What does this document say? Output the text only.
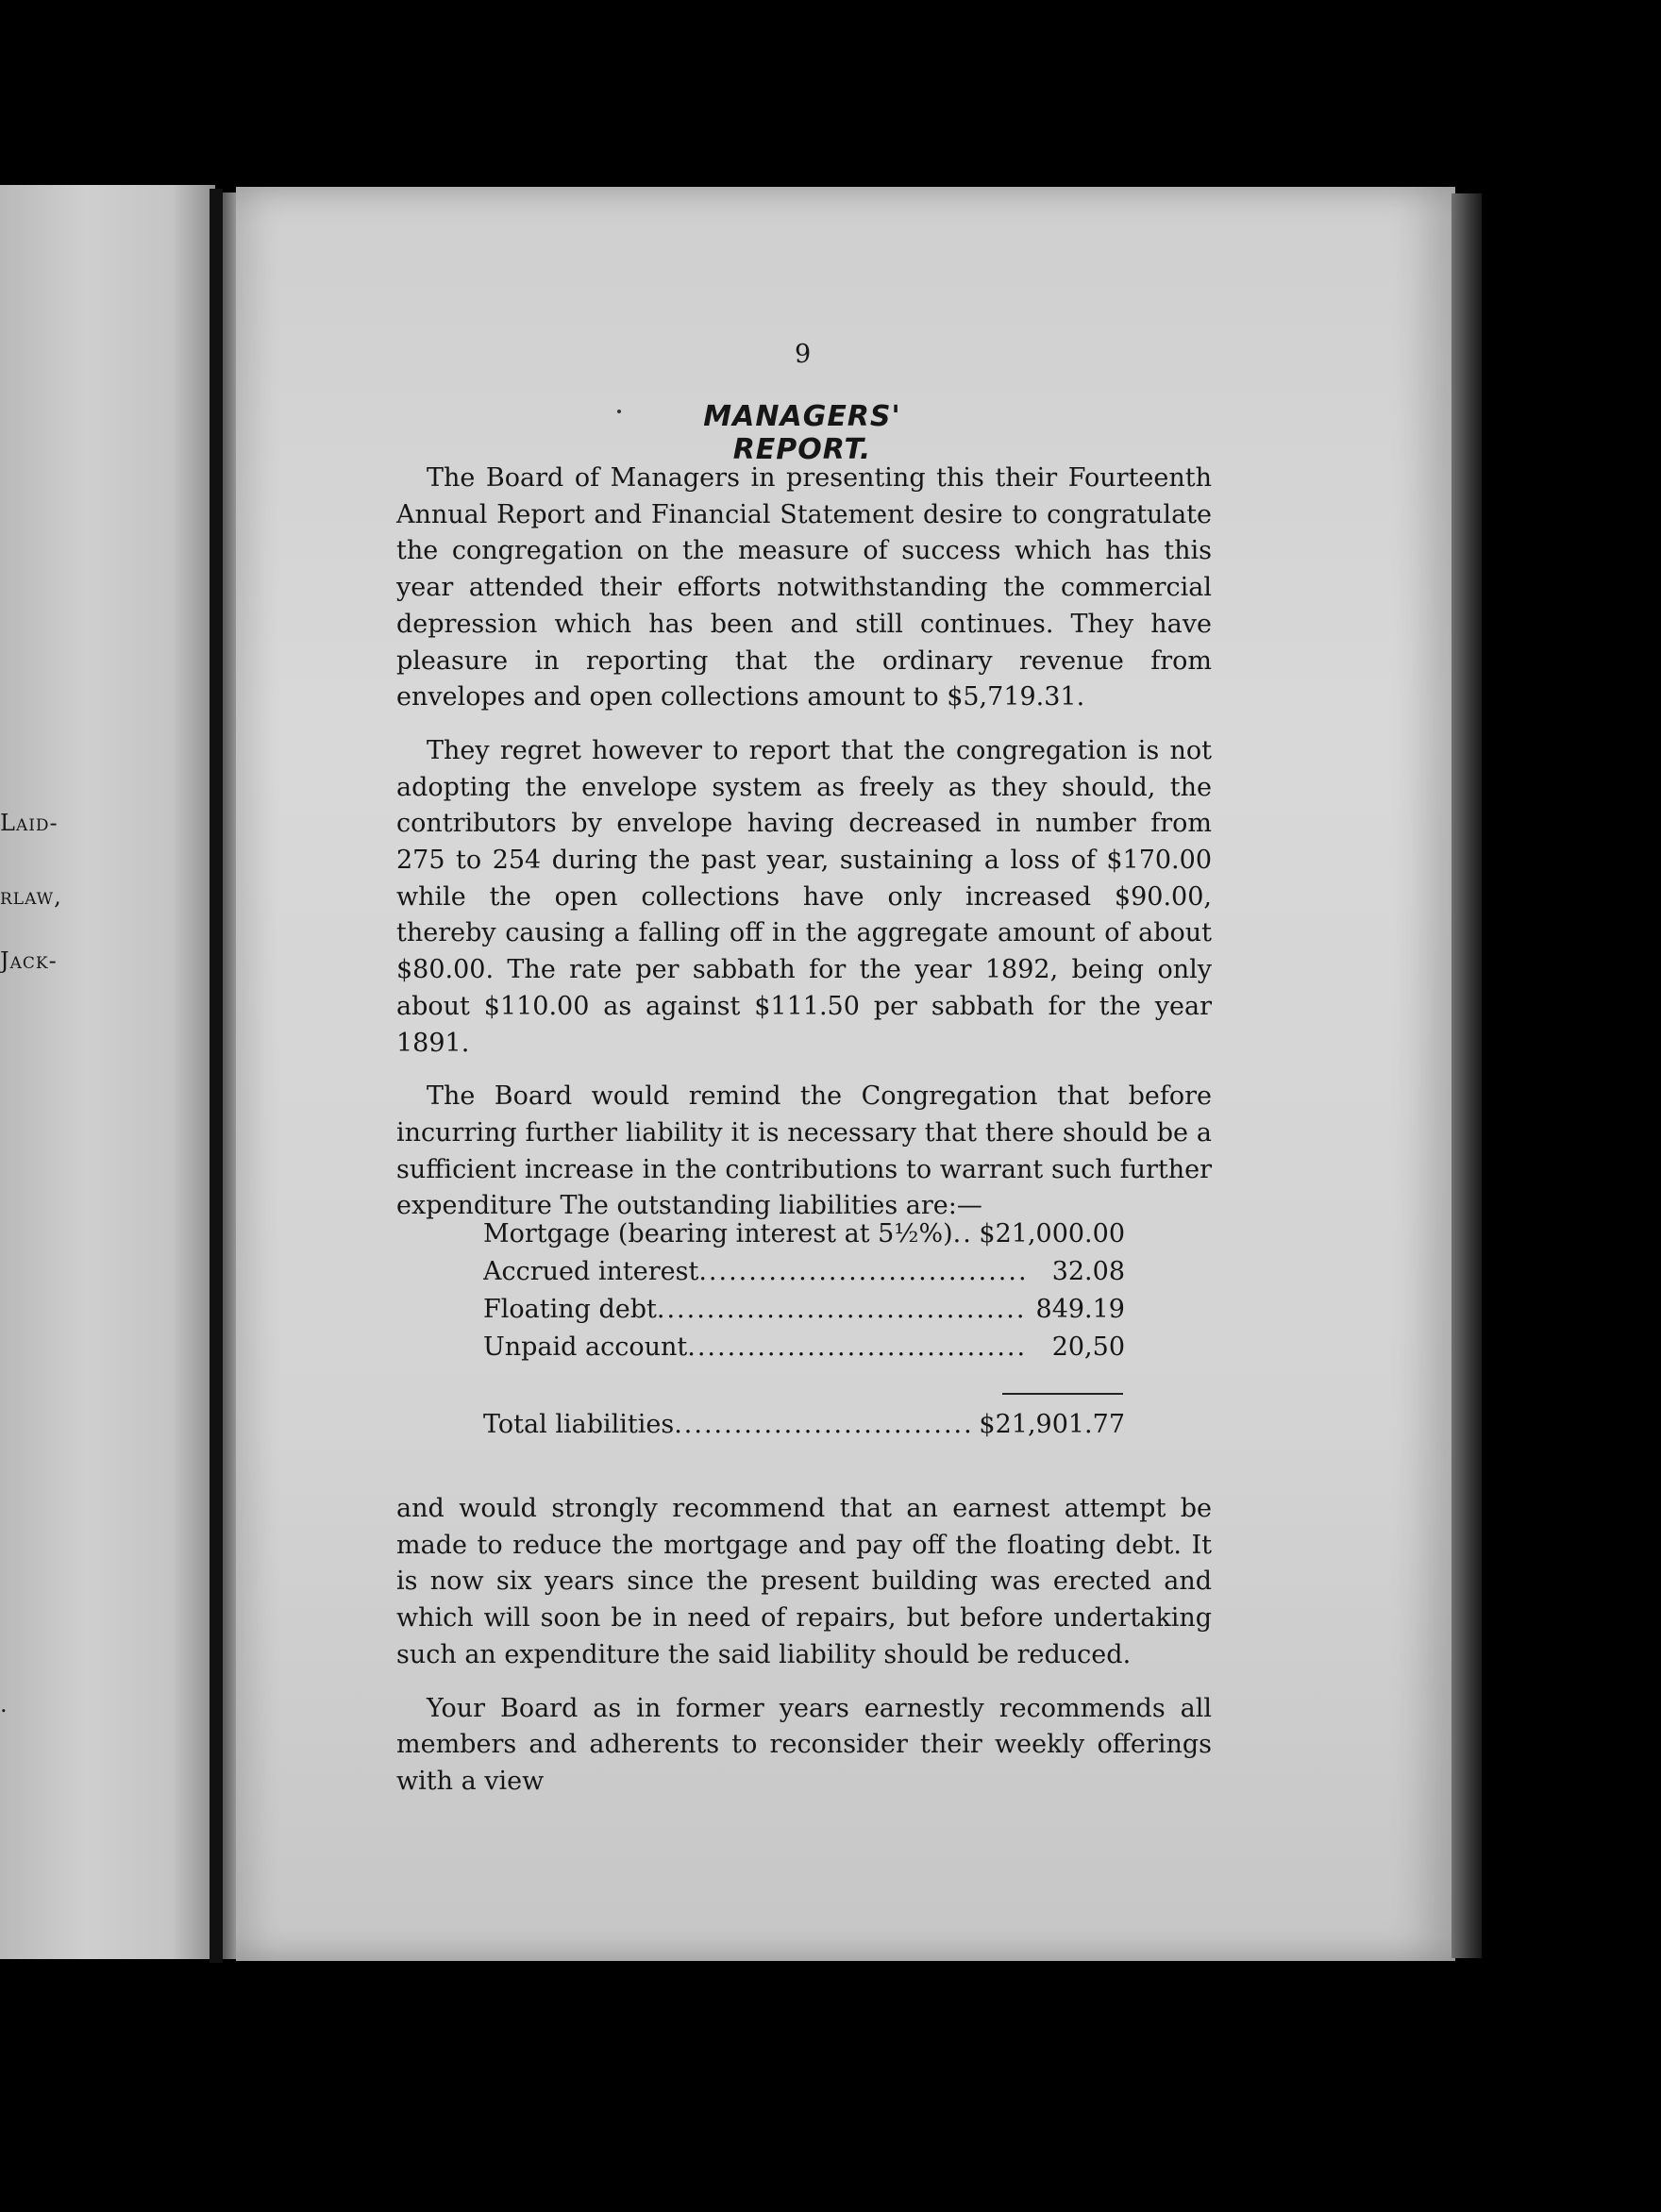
Laid-
rlaw,
Jack-
.
9
MANAGERS' REPORT.

The Board of Managers in presenting this their Fourteenth Annual Report and Financial Statement desire to congratulate the congregation on the measure of success which has this year attended their efforts notwithstanding the commercial depression which has been and still continues. They have pleasure in reporting that the ordinary revenue from envelopes and open collections amount to $5,719.31.

They regret however to report that the congregation is not adopting the envelope system as freely as they should, the contributors by envelope having decreased in number from 275 to 254 during the past year, sustaining a loss of $170.00 while the open collections have only increased $90.00, thereby causing a falling off in the aggregate amount of about $80.00. The rate per sabbath for the year 1892, being only about $110.00 as against $111.50 per sabbath for the year 1891.

The Board would remind the Congregation that before incurring further liability it is necessary that there should be a sufficient increase in the contributions to warrant such further expenditure The outstanding liabilities are:—

Mortgage (bearing interest at 5½%) ..... $21,000.00
Accrued interest .....	32.08
Floating debt .....	849.19
Unpaid account .....	20,50
Total liabilities .....	$21,901.77

and would strongly recommend that an earnest attempt be made to reduce the mortgage and pay off the floating debt. It is now six years since the present building was erected and which will soon be in need of repairs, but before undertaking such an expenditure the said liability should be reduced.

Your Board as in former years earnestly recommends all members and adherents to reconsider their weekly offerings with a view
